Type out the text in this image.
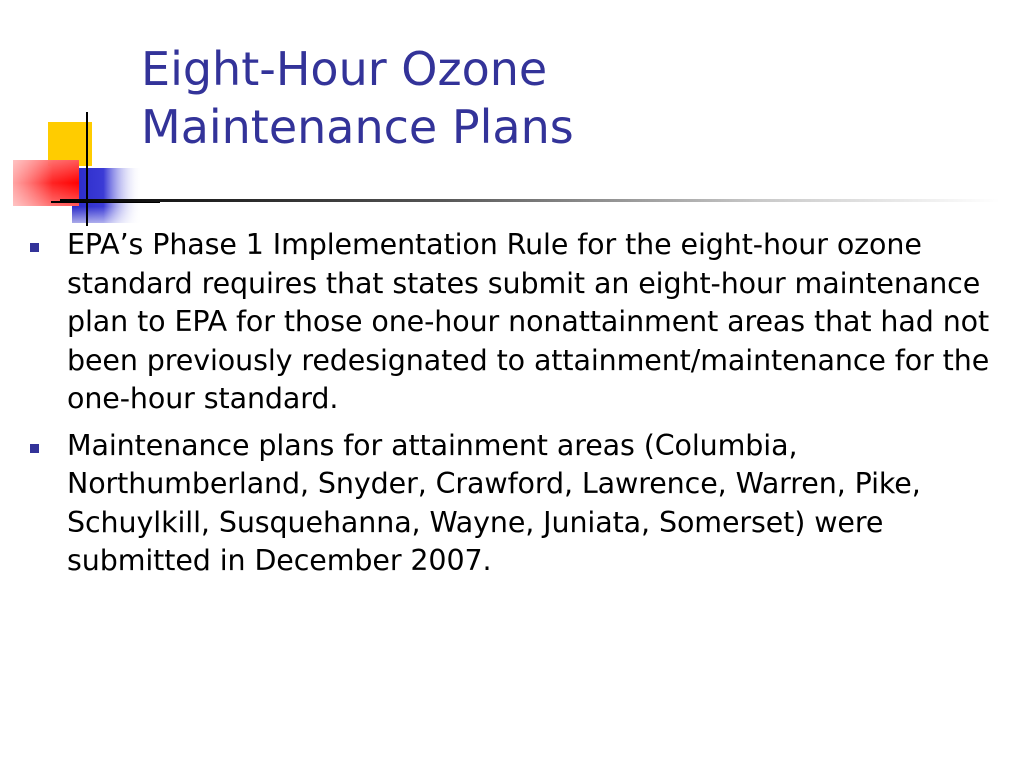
Eight-Hour Ozone
Maintenance Plans
EPA’s Phase 1 Implementation Rule for the eight-hour ozone standard requires that states submit an eight-hour maintenance plan to EPA for those one-hour nonattainment areas that had not been previously redesignated to attainment/maintenance for the one-hour standard.
Maintenance plans for attainment areas (Columbia, Northumberland, Snyder, Crawford, Lawrence, Warren, Pike, Schuylkill, Susquehanna, Wayne, Juniata, Somerset) were submitted in December 2007.
